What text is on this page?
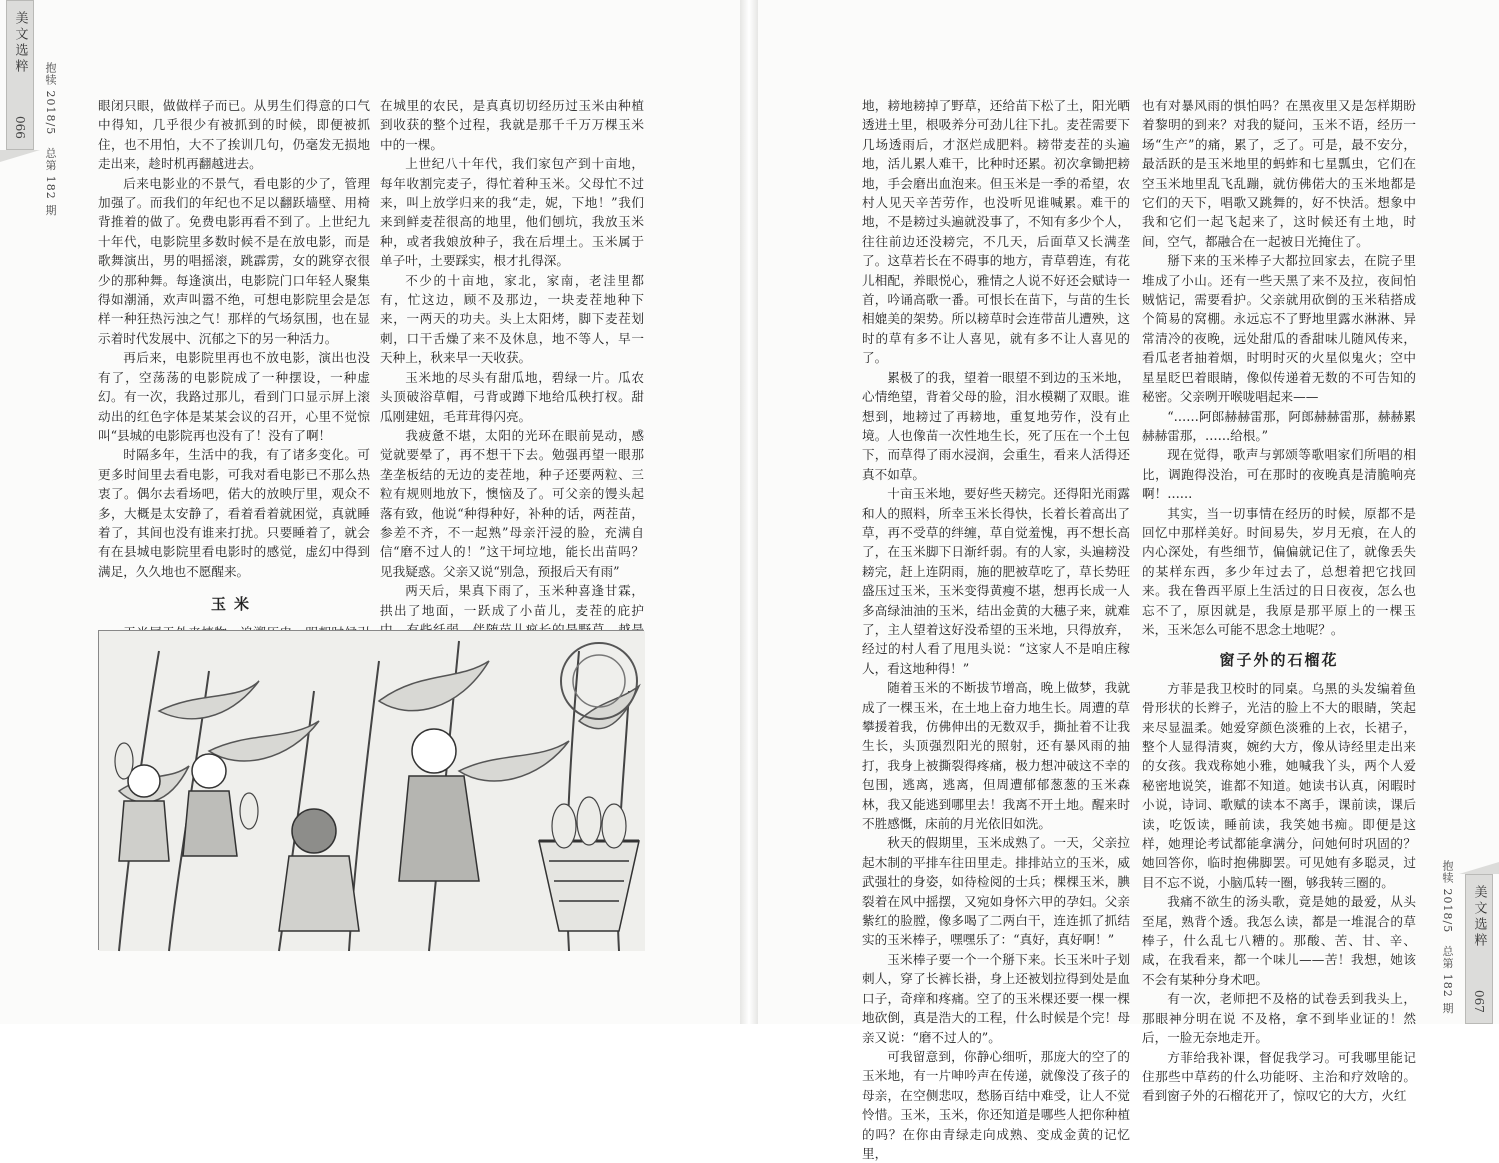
美文选粹
066 抱犊 2018/5　总第 182 期	眼闭只眼，做做样子而已。从男生们得意的口气中得知，几乎很少有被抓到的时候，即便被抓住，也不用怕，大不了挨训几句，仍毫发无损地走出来，趁时机再翻越进去。

后来电影业的不景气，看电影的少了，管理加强了。而我们的年纪也不足以翻跃墙壁、用椅背推着的做了。免费电影再看不到了。上世纪九十年代，电影院里多数时候不是在放电影，而是歌舞演出，男的唱摇滚，跳霹雳，女的跳穿衣很少的那种舞。每逢演出，电影院门口年轻人聚集得如潮涌，欢声叫嚣不绝，可想电影院里会是怎样一种狂热污浊之气！那样的气场氛围，也在显示着时代发展中、沉郁之下的另一种活力。

再后来，电影院里再也不放电影，演出也没有了，空荡荡的电影院成了一种摆设，一种虚幻。有一次，我路过那儿，看到门口显示屏上滚动出的红色字体是某某会议的召开，心里不觉惊叫“县城的电影院再也没有了！没有了啊！

时隔多年，生活中的我，有了诸多变化。可更多时间里去看电影，可我对看电影已不那么热衷了。偶尔去看场吧，偌大的放映厅里，观众不多，大概是太安静了，看着看着就困觉，真就睡着了，其间也没有谁来打扰。只要睡着了，就会有在县城电影院里看电影时的感觉，虚幻中得到满足，久久地也不愿醒来。

玉米

在城里的农民，是真真切切经历过玉米由种植到收获的整个过程，我就是那千千万万棵玉米中的一棵。

上世纪八十年代，我们家包产到十亩地，每年收割完麦子，得忙着种玉米。父母忙不过来，叫上放学归来的我“走，妮，下地！”我们来到鲜麦茬很高的地里，他们刨坑，我放玉米种，或者我娘放种子，我在后埋土。玉米属于单子叶，土要踩实，根才扎得深。

不少的十亩地，家北，家南，老洼里都有，忙这边，顾不及那边，一块麦茬地种下来，一两天的功夫。头上太阳烤，脚下麦茬划刺，口干舌燥了来不及休息，地不等人，早一天种上，秋来早一天收获。

玉米地的尽头有甜瓜地，碧绿一片。瓜农头顶破浴草帽，弓背或蹲下地给瓜秧打杈。甜瓜刚建妞，毛茸茸得闪亮。

我疲惫不堪，太阳的光环在眼前晃动，感觉就要晕了，再不想干下去。勉强再望一眼那垄垄板结的无边的麦茬地，种子还要两粒、三粒有规则地放下，懊恼及了。可父亲的馒头起落有致，他说“种得种好，补种的话，两茬苗，参差不齐，不一起熟”母亲汗浸的脸，充满自信“磨不过人的！”这干坷垃地，能长出苗吗？见我疑惑。父亲又说“别急，预报后天有雨”

两天后，果真下雨了，玉米种喜逢甘霖，拱出了地面，一跃成了小苗儿，麦茬的庇护

地，耪地耪掉了野草，还给苗下松了土，阳光晒透进土里，根吸养分可劲儿往下扎。麦茬需要下几场透雨后，才沤烂成肥料。耪带麦茬的头遍地，活儿累人难干，比种时还累。初次拿锄把耪地，手会磨出血泡来。但玉米是一季的希望，农村人见天辛苦劳作，也没听见谁喊累。难干的地，不是耪过头遍就没事了，不知有多少个人，往往前边还没耪完，不几天，后面草又长满垄了。这草若长在不碍事的地方，青草碧连，有花儿相配，养眼悦心，雅情之人说不好还会赋诗一首，吟诵高歌一番。可恨长在苗下，与苗的生长相媲美的架势。所以耪草时会连带苗儿遭殃，这时的草有多不让人喜见，就有多不让人喜见的了。

累极了的我，望着一眼望不到边的玉米地，心情绝望，背着父母的脸，泪水模糊了双眼。谁想到，地耪过了再耪地，重复地劳作，没有止境。人也像苗一次性地生长，死了压在一个土包下，而草得了雨水浸润，会重生，看来人活得还真不如草。

十亩玉米地，要好些天耪完。还得阳光雨露和人的照料，所幸玉米长得快，长着长着高出了草，再不受草的绊缠，草自觉羞愧，再不想长高了，在玉米脚下日渐纤弱。有的人家，头遍耪没耪完，赶上连阴雨，施的肥被草吃了，草长势旺盛压过玉米，玉米变得黄瘦不堪，想再长成一人多高绿油油的玉米，结出金黄的大穗子来，就难了，主人望着这好没希望的玉米地，只得放弃，经过的村人看了甩甩头说：“这家人不是咱庄稼人，看这地种得！”

随着玉米的不断拔节增高，晚上做梦，我就成了一棵玉米，在土地上奋力地生长。周遭的草攀援着我，仿佛伸出的无数双手，撕扯着不让我生长，头顶强烈阳光的照射，还有暴风雨的抽打，我身上被撕裂得疼痛，极力想冲破这不幸的包围，逃离，逃离，但周遭郁郁葱葱的玉米森林，我又能逃到哪里去！我离不开土地。醒来时不胜感慨，床前的月光依旧如洗。

秋天的假期里，玉米成熟了。一天，父亲拉起木制的平排车往田里走。排排站立的玉米，威武强壮的身姿，如待检阅的士兵；棵棵玉米，腆裂着在风中摇摆，又宛如身怀六甲的孕妇。父亲紫红的脸膛，像多喝了二两白干，连连抓了抓结实的玉米棒子，嘿嘿乐了：“真好，真好啊！”

玉米棒子要一个一个掰下来。长玉米叶子划刺人，穿了长裤长褂，身上还被划拉得到处是血口子，奇痒和疼痛。空了的玉米棵还要一棵一棵地砍倒，真是浩大的工程，什么时候是个完！母亲又说：“磨不过人的”。

可我留意到，你静心细听，那庞大的空了的玉米地，有一片呻吟声在传递，就像没了孩子的母亲，在空侧悲叹，愁肠百结中难受，让人不觉怜惜。玉米，玉米，你还知道是哪些人把你种植的吗？在你由青绿走向成熟、变成金黄的记忆里，

也有对暴风雨的惧怕吗？在黑夜里又是怎样期盼着黎明的到来？对我的疑问，玉米不语，经历一场“生产”的痛，累了，乏了。可是，最不安分，最活跃的是玉米地里的蚂蚱和七星瓢虫，它们在空玉米地里乱飞乱蹦，就仿佛偌大的玉米地都是它们的天下，唱歌又跳舞的，好不快活。想象中我和它们一起飞起来了，这时候还有土地，时间，空气，都融合在一起被日光掩住了。

掰下来的玉米棒子大都拉回家去，在院子里堆成了小山。还有一些天黑了来不及拉，夜间怕贼惦记，需要看护。父亲就用砍倒的玉米秸搭成个简易的窝棚。永远忘不了野地里露水淋淋、异常清冷的夜晚，远处甜瓜的香甜味儿随风传来，看瓜老者抽着烟，时明时灭的火星似鬼火；空中星星眨巴着眼睛，像似传递着无数的不可告知的秘密。父亲咧开喉咙唱起来——

“……阿郎赫赫雷那，阿郎赫赫雷那，赫赫累赫赫雷那，……给根。”

现在觉得，歌声与郭颂等歌唱家们所唱的相比，调跑得没治，可在那时的夜晚真是清脆响亮啊！……

其实，当一切事情在经历的时候，原都不是回忆中那样美好。时间易失，岁月无痕，在人的内心深处，有些细节，偏偏就记住了，就像丢失的某样东西，多少年过去了，总想着把它找回来。我在鲁西平原上生活过的日日夜夜，怎么也忘不了，原因就是，我原是那平原上的一棵玉米，玉米怎么可能不思念土地呢？。

窗子外的石榴花

方菲是我卫校时的同桌。乌黑的头发编着鱼骨形状的长辫子，光洁的脸上不大的眼睛，笑起来尽显温柔。她爱穿颜色淡雅的上衣，长裙子，整个人显得清爽，婉约大方，像从诗经里走出来的女孩。我戏称她小雅，她喊我丫头，两个人爱秘密地说笑，谁都不知道。她读书认真，闲暇时小说，诗词、歌赋的读本不离手，课前读，课后读，吃饭读，睡前读，我笑她书痴。即便是这样，她理论考试都能拿满分，问她何时巩固的？她回答你，临时抱佛脚罢。可见她有多聪灵，过目不忘不说，小脑瓜转一圈，够我转三圈的。

我痛不欲生的汤头歌，竟是她的最爱，从头至尾，熟背个透。我怎么读，都是一堆混合的草棒子，什么乱七八糟的。那酸、苦、甘、辛、咸，在我看来，都一个味儿——苦！我想，她该不会有某种分身术吧。

有一次，老师把不及格的试卷丢到我头上，那眼神分明在说 不及格，拿不到毕业证的！然后，一脸无奈地走开。

方菲给我补课，督促我学习。可我哪里能记住那些中草药的什么功能呀、主治和疗效啥的。看到窗子外的石榴花开了，惊叹它的大方，火红

抱犊 2018/5　总第 182 期 美文选粹
067
